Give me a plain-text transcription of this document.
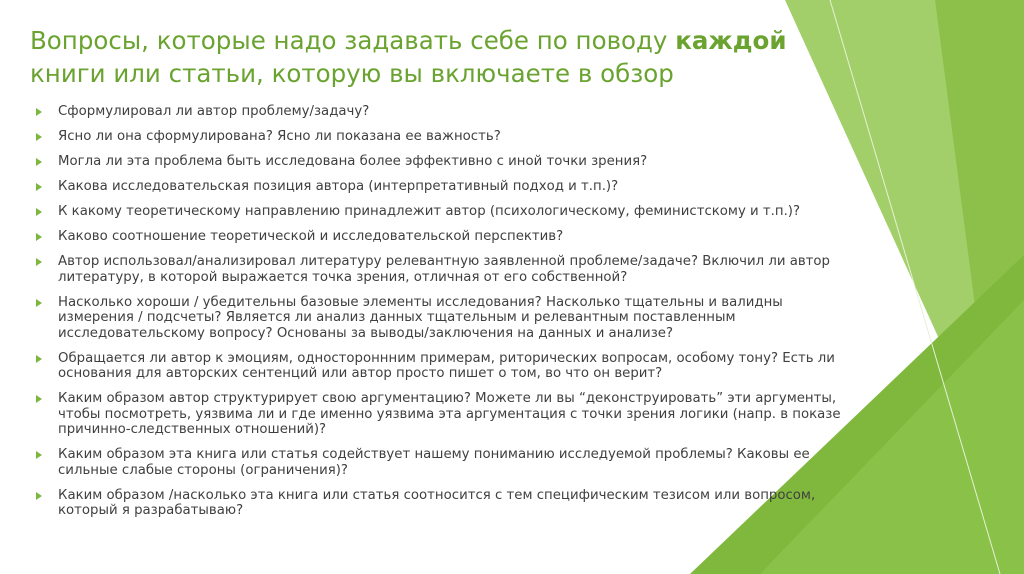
Вопросы, которые надо задавать себе по поводу каждой книги или статьи, которую вы включаете в обзор
Сформулировал ли автор проблему/задачу?
Ясно ли она сформулирована? Ясно ли показана ее важность?
Могла ли эта проблема быть исследована более эффективно с иной точки зрения?
Какова исследовательская позиция автора (интерпретативный подход и т.п.)?
К какому теоретическому направлению принадлежит автор (психологическому, феминистскому и т.п.)?
Каково соотношение теоретической и исследовательской перспектив?
Автор использовал/анализировал литературу релевантную заявленной проблеме/задаче? Включил ли автор литературу, в которой выражается точка зрения, отличная от его собственной?
Насколько хороши / убедительны базовые элементы исследования? Насколько тщательны и валидны измерения / подсчеты? Является ли анализ данных тщательным и релевантным поставленным исследовательскому вопросу? Основаны за выводы/заключения на данных и анализе?
Обращается ли автор к эмоциям, одностороннним примерам, риторических вопросам, особому тону? Есть ли основания для авторских сентенций или автор просто пишет о том, во что он верит?
Каким образом автор структурирует свою аргументацию? Можете ли вы “деконструировать” эти аргументы, чтобы посмотреть, уязвима ли и где именно уязвима эта аргументация с точки зрения логики (напр. в показе причинно-следственных отношений)?
Каким образом эта книга или статья содействует нашему пониманию исследуемой проблемы? Каковы ее сильные слабые стороны (ограничения)?
Каким образом /насколько эта книга или статья соотносится с тем специфическим тезисом или вопросом, который я разрабатываю?
